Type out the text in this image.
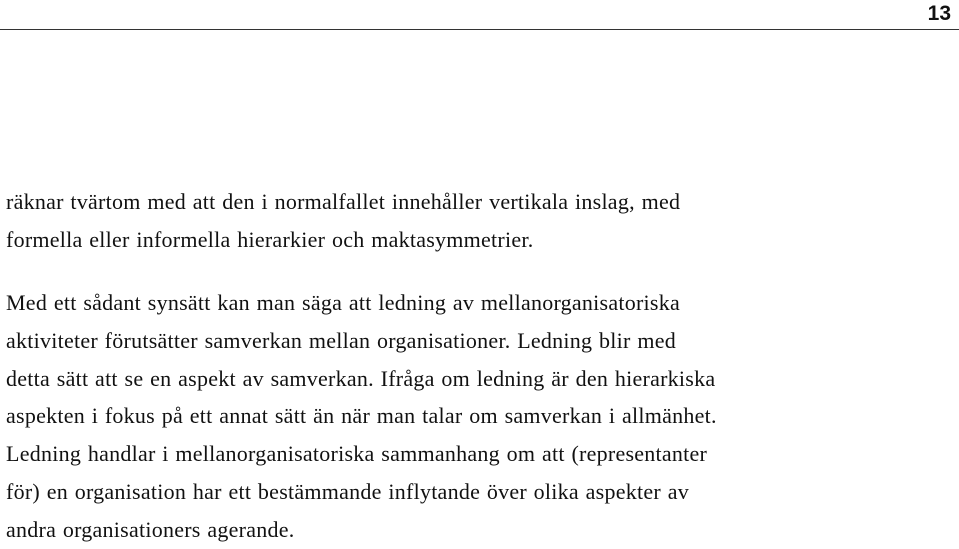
13

räknar tvärtom med att den i normalfallet innehåller vertikala inslag, med
formella eller informella hierarkier och maktasymmetrier.

Med ett sådant synsätt kan man säga att ledning av mellanorganisatoriska
aktiviteter förutsätter samverkan mellan organisationer. Ledning blir med
detta sätt att se en aspekt av samverkan. Ifråga om ledning är den hierarkiska
aspekten i fokus på ett annat sätt än när man talar om samverkan i allmänhet.
Ledning handlar i mellanorganisatoriska sammanhang om att (representanter
för) en organisation har ett bestämmande inflytande över olika aspekter av
andra organisationers agerande.
